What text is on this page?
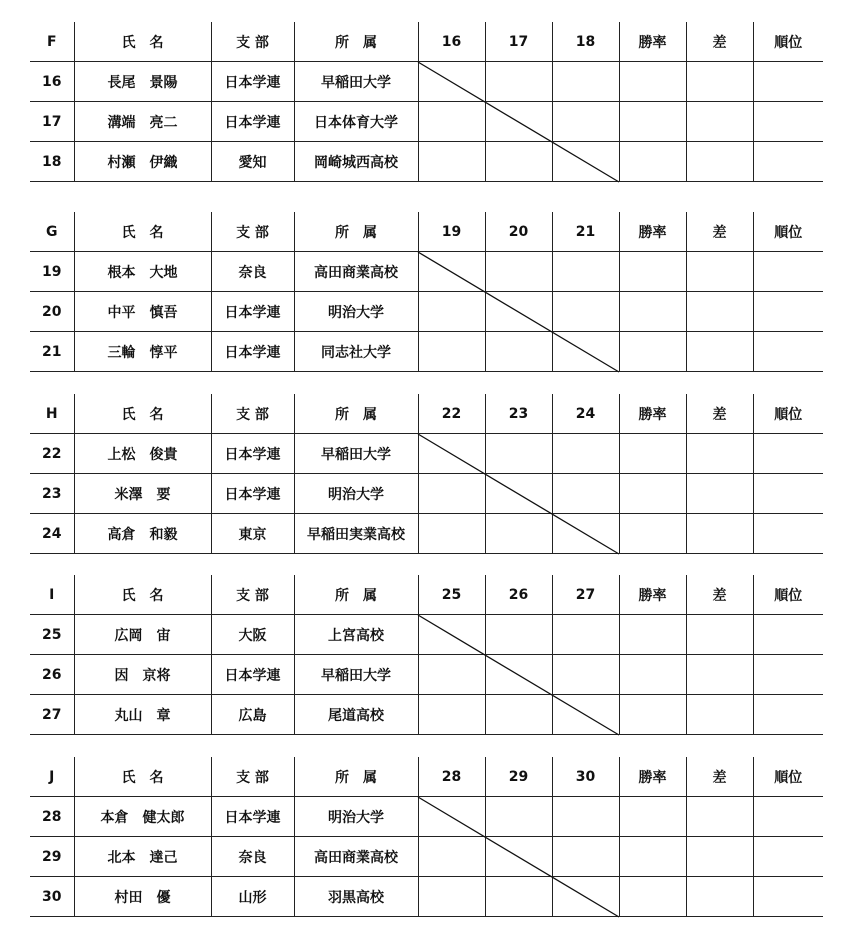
F	氏　名	支 部	所　属	16	17	18	勝率	差	順位
16	長尾　景陽	日本学連	早稲田大学						
17	溝端　亮二	日本学連	日本体育大学						
18	村瀬　伊織	愛知	岡崎城西高校						
G	氏　名	支 部	所　属	19	20	21	勝率	差	順位
19	根本　大地	奈良	高田商業高校						
20	中平　慎吾	日本学連	明治大学						
21	三輪　惇平	日本学連	同志社大学						
H	氏　名	支 部	所　属	22	23	24	勝率	差	順位
22	上松　俊貴	日本学連	早稲田大学						
23	米澤　要	日本学連	明治大学						
24	高倉　和毅	東京	早稲田実業高校						
I	氏　名	支 部	所　属	25	26	27	勝率	差	順位
25	広岡　宙	大阪	上宮高校						
26	因　京将	日本学連	早稲田大学						
27	丸山　章	広島	尾道高校						
J	氏　名	支 部	所　属	28	29	30	勝率	差	順位
28	本倉　健太郎	日本学連	明治大学						
29	北本　達己	奈良	高田商業高校						
30	村田　優	山形	羽黒高校						
